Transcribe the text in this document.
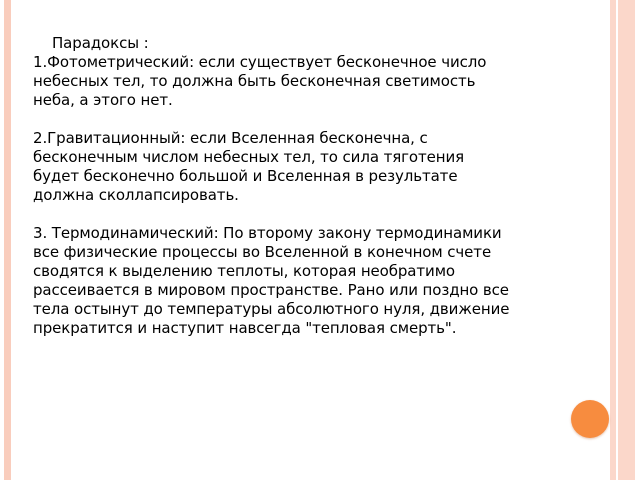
Парадоксы :

1.Фотометрический: если существует бесконечное число
небесных тел, то должна быть бесконечная светимость
неба, а этого нет.

2.Гравитационный: если Вселенная бесконечна, с
бесконечным числом небесных тел, то сила тяготения
будет бесконечно большой и Вселенная в результате
должна сколлапсировать.

3. Термодинамический: По второму закону термодинамики
все физические процессы во Вселенной в конечном счете
сводятся к выделению теплоты, которая необратимо
рассеивается в мировом пространстве. Рано или поздно все
тела остынут до температуры абсолютного нуля, движение
прекратится и наступит навсегда "тепловая смерть".
